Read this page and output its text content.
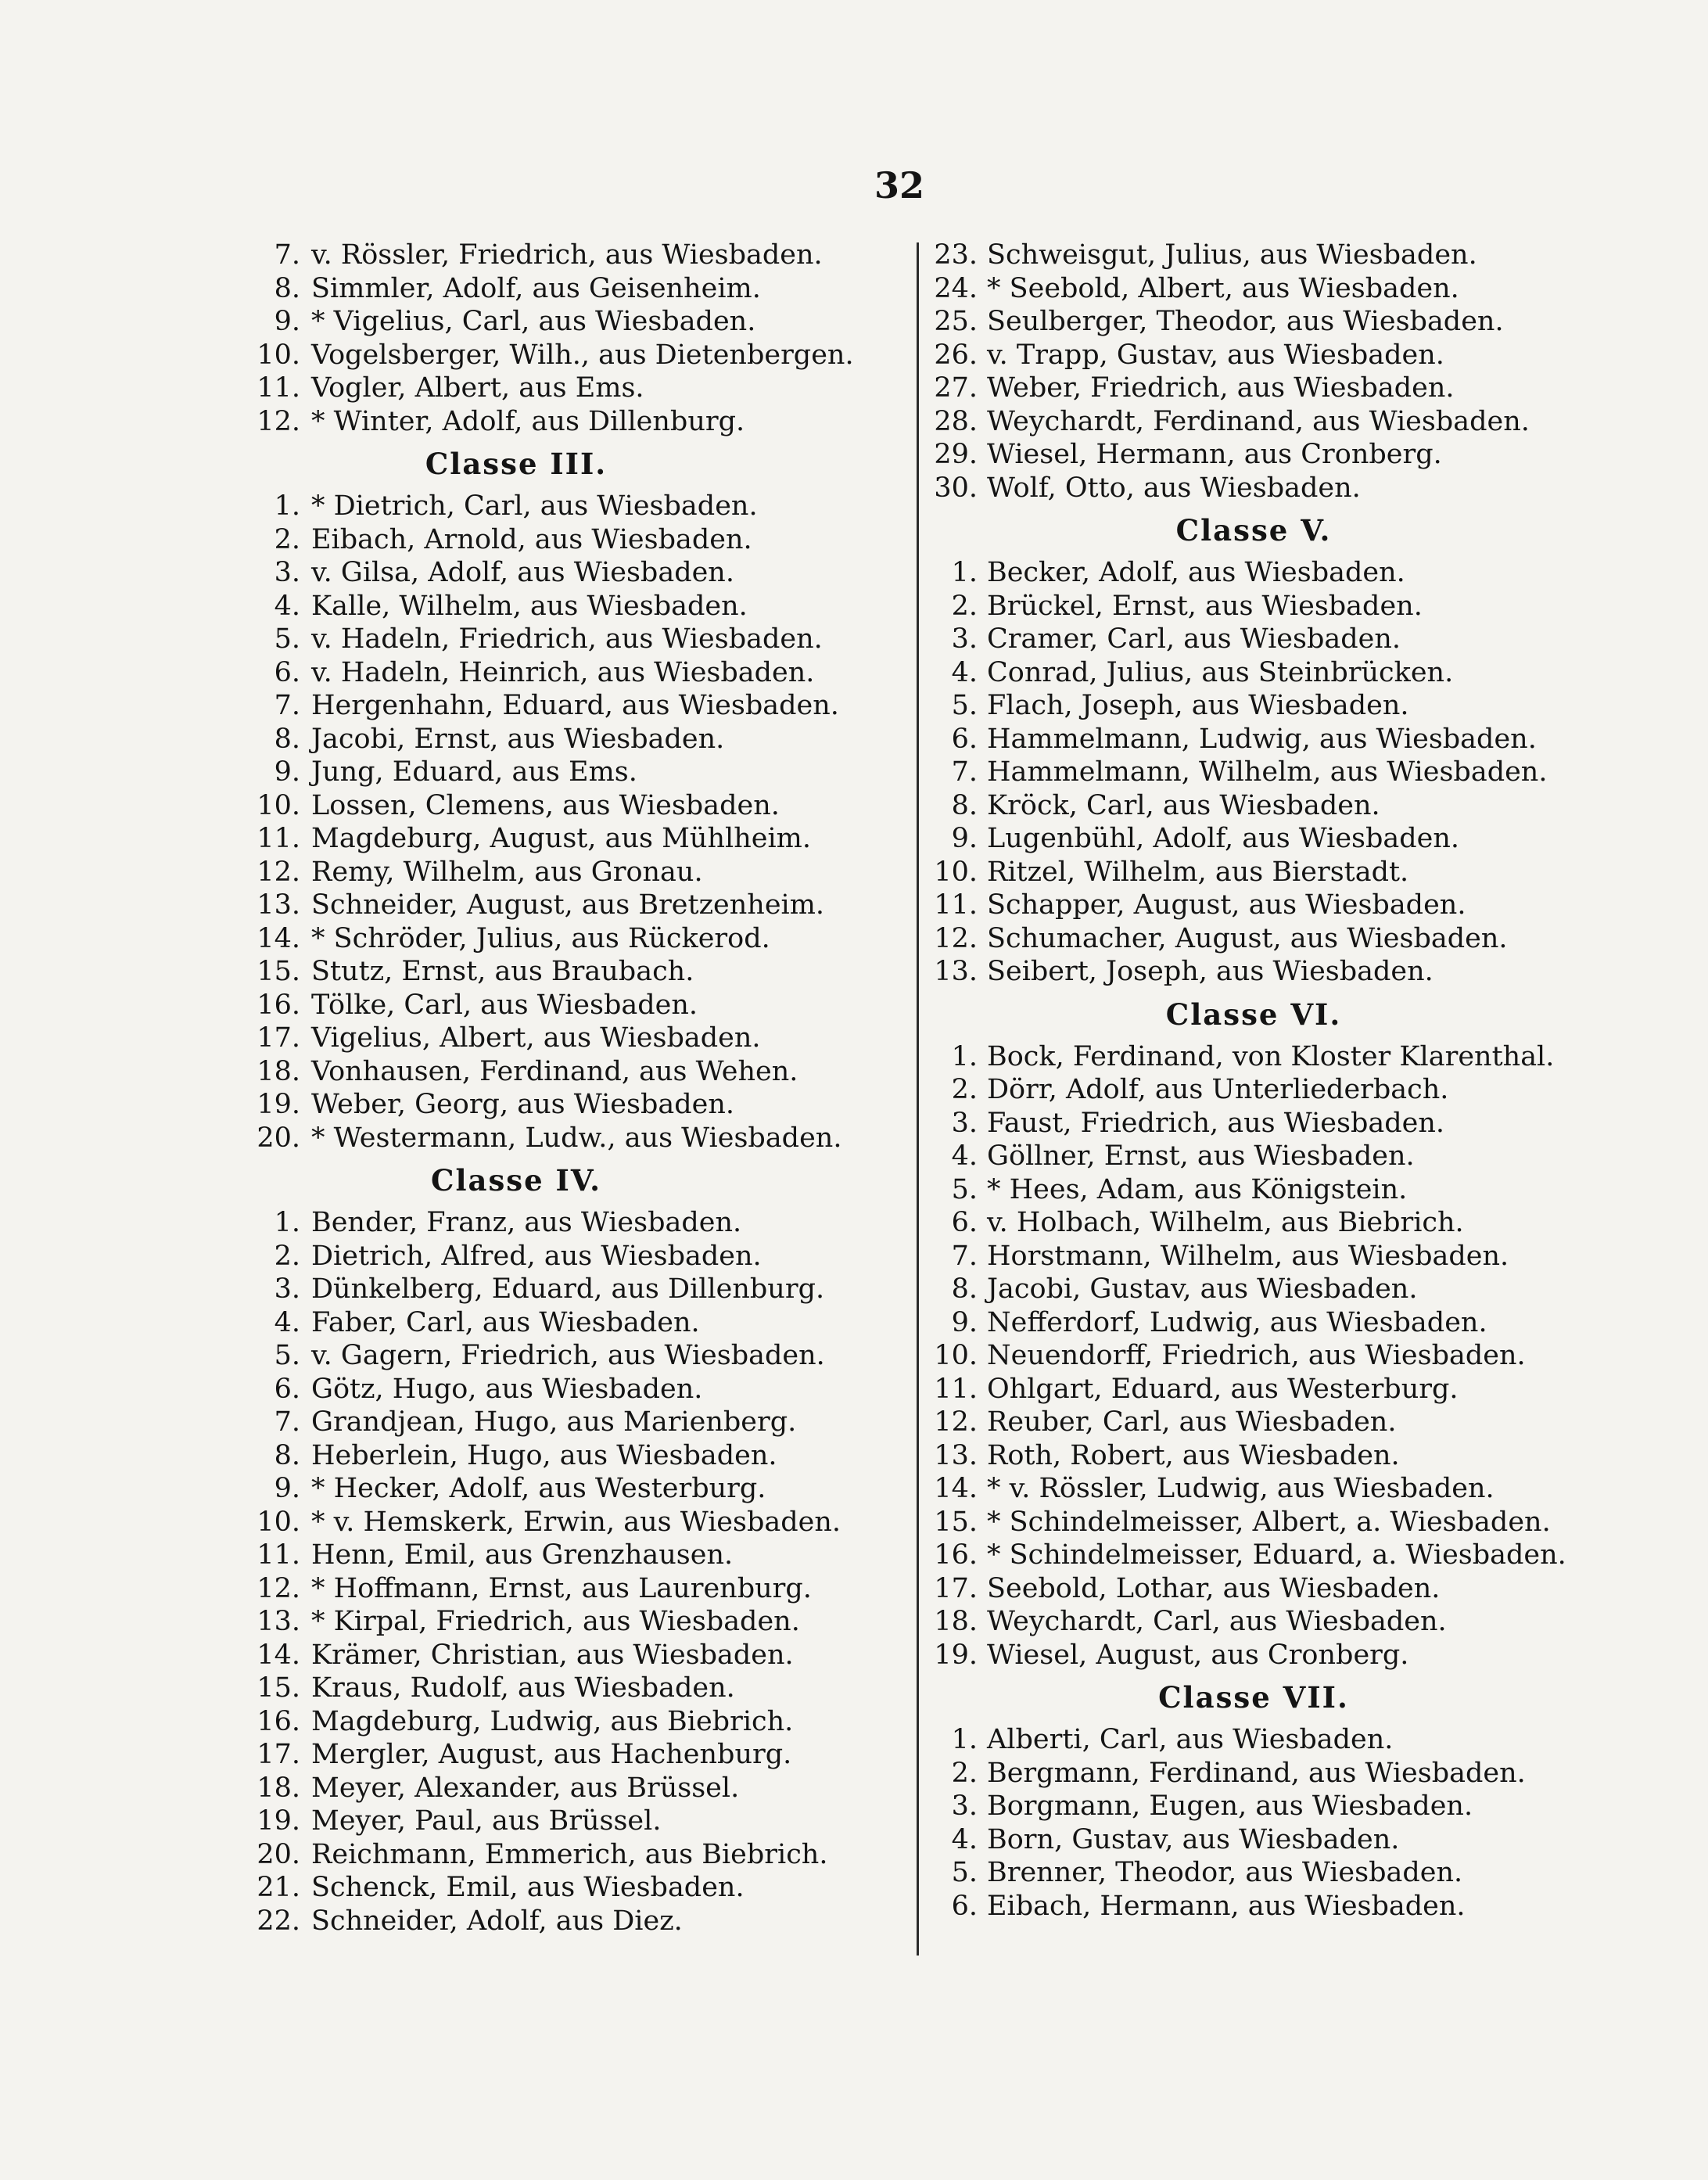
32
7. v. Rössler, Friedrich, aus Wiesbaden.
8. Simmler, Adolf, aus Geisenheim.
9. * Vigelius, Carl, aus Wiesbaden.
10. Vogelsberger, Wilh., aus Dietenbergen.
11. Vogler, Albert, aus Ems.
12. * Winter, Adolf, aus Dillenburg.
Classe III.
1. * Dietrich, Carl, aus Wiesbaden.
2. Eibach, Arnold, aus Wiesbaden.
3. v. Gilsa, Adolf, aus Wiesbaden.
4. Kalle, Wilhelm, aus Wiesbaden.
5. v. Hadeln, Friedrich, aus Wiesbaden.
6. v. Hadeln, Heinrich, aus Wiesbaden.
7. Hergenhahn, Eduard, aus Wiesbaden.
8. Jacobi, Ernst, aus Wiesbaden.
9. Jung, Eduard, aus Ems.
10. Lossen, Clemens, aus Wiesbaden.
11. Magdeburg, August, aus Mühlheim.
12. Remy, Wilhelm, aus Gronau.
13. Schneider, August, aus Bretzenheim.
14. * Schröder, Julius, aus Rückerod.
15. Stutz, Ernst, aus Braubach.
16. Tölke, Carl, aus Wiesbaden.
17. Vigelius, Albert, aus Wiesbaden.
18. Vonhausen, Ferdinand, aus Wehen.
19. Weber, Georg, aus Wiesbaden.
20. * Westermann, Ludw., aus Wiesbaden.
Classe IV.
1. Bender, Franz, aus Wiesbaden.
2. Dietrich, Alfred, aus Wiesbaden.
3. Dünkelberg, Eduard, aus Dillenburg.
4. Faber, Carl, aus Wiesbaden.
5. v. Gagern, Friedrich, aus Wiesbaden.
6. Götz, Hugo, aus Wiesbaden.
7. Grandjean, Hugo, aus Marienberg.
8. Heberlein, Hugo, aus Wiesbaden.
9. * Hecker, Adolf, aus Westerburg.
10. * v. Hemskerk, Erwin, aus Wiesbaden.
11. Henn, Emil, aus Grenzhausen.
12. * Hoffmann, Ernst, aus Laurenburg.
13. * Kirpal, Friedrich, aus Wiesbaden.
14. Krämer, Christian, aus Wiesbaden.
15. Kraus, Rudolf, aus Wiesbaden.
16. Magdeburg, Ludwig, aus Biebrich.
17. Mergler, August, aus Hachenburg.
18. Meyer, Alexander, aus Brüssel.
19. Meyer, Paul, aus Brüssel.
20. Reichmann, Emmerich, aus Biebrich.
21. Schenck, Emil, aus Wiesbaden.
22. Schneider, Adolf, aus Diez.
23. Schweisgut, Julius, aus Wiesbaden.
24. * Seebold, Albert, aus Wiesbaden.
25. Seulberger, Theodor, aus Wiesbaden.
26. v. Trapp, Gustav, aus Wiesbaden.
27. Weber, Friedrich, aus Wiesbaden.
28. Weychardt, Ferdinand, aus Wiesbaden.
29. Wiesel, Hermann, aus Cronberg.
30. Wolf, Otto, aus Wiesbaden.
Classe V.
1. Becker, Adolf, aus Wiesbaden.
2. Brückel, Ernst, aus Wiesbaden.
3. Cramer, Carl, aus Wiesbaden.
4. Conrad, Julius, aus Steinbrücken.
5. Flach, Joseph, aus Wiesbaden.
6. Hammelmann, Ludwig, aus Wiesbaden.
7. Hammelmann, Wilhelm, aus Wiesbaden.
8. Kröck, Carl, aus Wiesbaden.
9. Lugenbühl, Adolf, aus Wiesbaden.
10. Ritzel, Wilhelm, aus Bierstadt.
11. Schapper, August, aus Wiesbaden.
12. Schumacher, August, aus Wiesbaden.
13. Seibert, Joseph, aus Wiesbaden.
Classe VI.
1. Bock, Ferdinand, von Kloster Klarenthal.
2. Dörr, Adolf, aus Unterliederbach.
3. Faust, Friedrich, aus Wiesbaden.
4. Göllner, Ernst, aus Wiesbaden.
5. * Hees, Adam, aus Königstein.
6. v. Holbach, Wilhelm, aus Biebrich.
7. Horstmann, Wilhelm, aus Wiesbaden.
8. Jacobi, Gustav, aus Wiesbaden.
9. Nefferdorf, Ludwig, aus Wiesbaden.
10. Neuendorff, Friedrich, aus Wiesbaden.
11. Ohlgart, Eduard, aus Westerburg.
12. Reuber, Carl, aus Wiesbaden.
13. Roth, Robert, aus Wiesbaden.
14. * v. Rössler, Ludwig, aus Wiesbaden.
15. * Schindelmeisser, Albert, a. Wiesbaden.
16. * Schindelmeisser, Eduard, a. Wiesbaden.
17. Seebold, Lothar, aus Wiesbaden.
18. Weychardt, Carl, aus Wiesbaden.
19. Wiesel, August, aus Cronberg.
Classe VII.
1. Alberti, Carl, aus Wiesbaden.
2. Bergmann, Ferdinand, aus Wiesbaden.
3. Borgmann, Eugen, aus Wiesbaden.
4. Born, Gustav, aus Wiesbaden.
5. Brenner, Theodor, aus Wiesbaden.
6. Eibach, Hermann, aus Wiesbaden.
